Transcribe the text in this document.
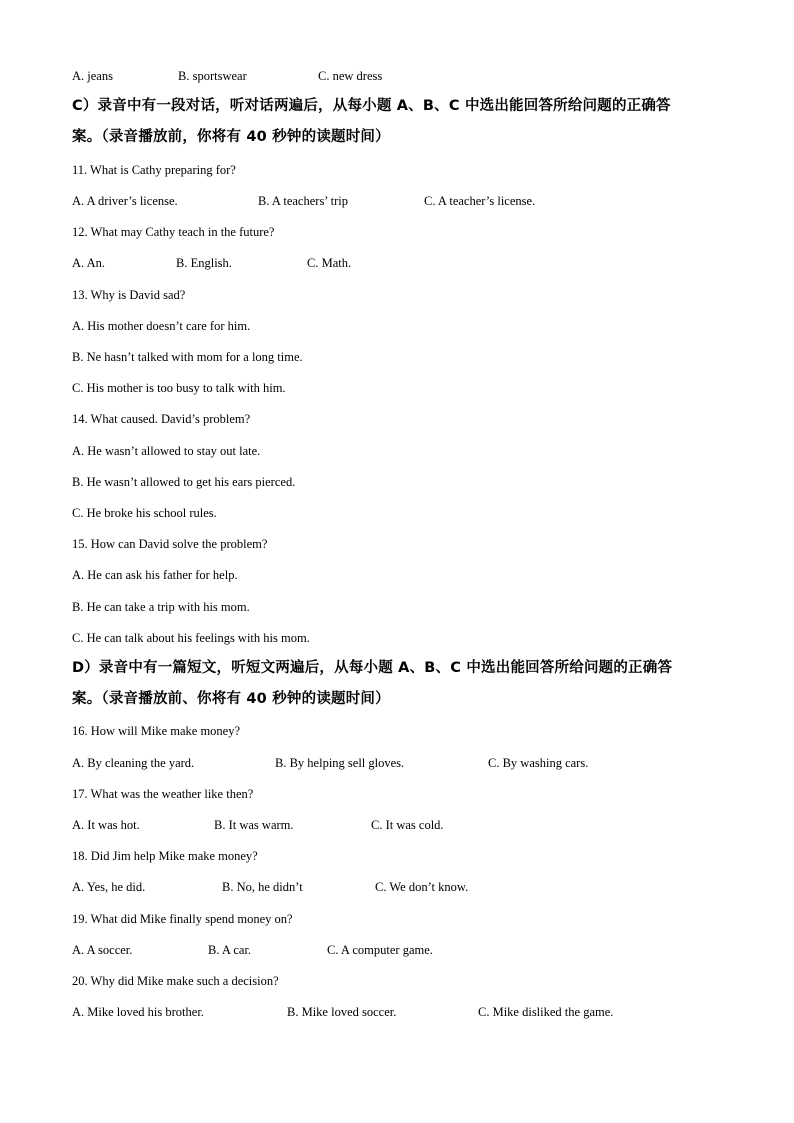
A. jeans	B. sportswear	C. new dress
C）录音中有一段对话，听对话两遍后，从每小题 A、B、C 中选出能回答所给问题的正确答
案。（录音播放前，你将有 40 秒钟的读题时间）
11. What is Cathy preparing for?
A. A driver’s license.	B. A teachers’ trip	C. A teacher’s license.
12. What may Cathy teach in the future?
A. An.	B. English.	C. Math.
13. Why is David sad?
A. His mother doesn’t care for him.
B. Ne hasn’t talked with mom for a long time.
C. His mother is too busy to talk with him.
14. What caused. David’s problem?
A. He wasn’t allowed to stay out late.
B. He wasn’t allowed to get his ears pierced.
C. He broke his school rules.
15. How can David solve the problem?
A. He can ask his father for help.
B. He can take a trip with his mom.
C. He can talk about his feelings with his mom.
D）录音中有一篇短文，听短文两遍后，从每小题 A、B、C 中选出能回答所给问题的正确答
案。（录音播放前、你将有 40 秒钟的读题时间）
16. How will Mike make money?
A. By cleaning the yard.	B. By helping sell gloves.	C. By washing cars.
17. What was the weather like then?
A. It was hot.	B. It was warm.	C. It was cold.
18. Did Jim help Mike make money?
A. Yes, he did.	B. No, he didn’t	C. We don’t know.
19. What did Mike finally spend money on?
A. A soccer.	B. A car.	C. A computer game.
20. Why did Mike make such a decision?
A. Mike loved his brother.	B. Mike loved soccer.	C. Mike disliked the game.
